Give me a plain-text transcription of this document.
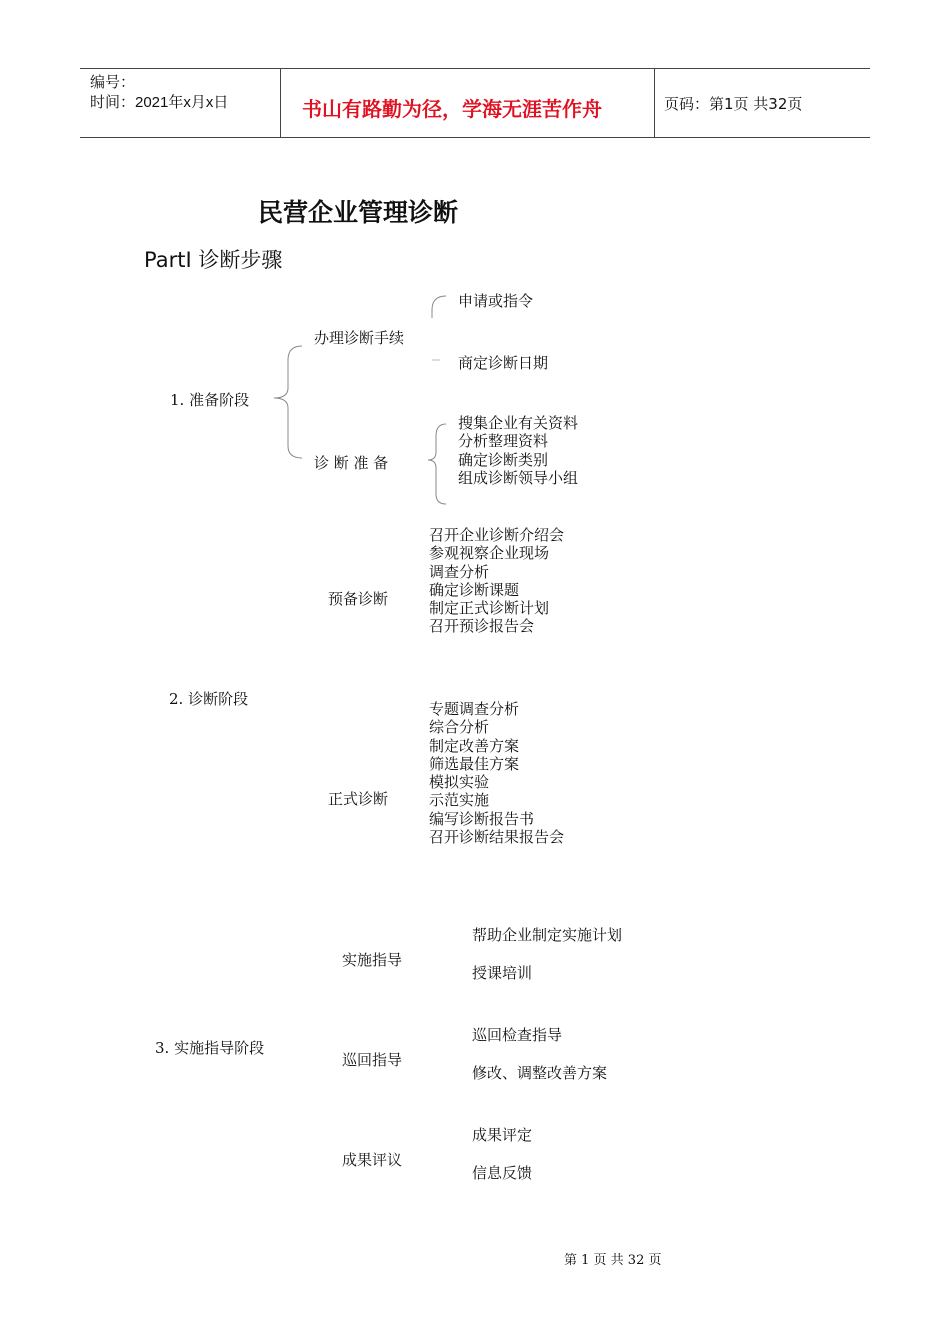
编号：
时间：2021年x月x日	书山有路勤为径，学海无涯苦作舟	页码：第1页 共32页
民营企业管理诊断
PartⅠ 诊断步骤
1. 准备阶段
办理诊断手续
申请或指令
商定诊断日期
诊 断 准 备
搜集企业有关资料
分析整理资料
确定诊断类别
组成诊断领导小组
2. 诊断阶段
预备诊断
召开企业诊断介绍会
参观视察企业现场
调查分析
确定诊断课题
制定正式诊断计划
召开预诊报告会
正式诊断
专题调查分析
综合分析
制定改善方案
筛选最佳方案
模拟实验
示范实施
编写诊断报告书
召开诊断结果报告会
3. 实施指导阶段
实施指导
帮助企业制定实施计划
授课培训
巡回指导
巡回检查指导
修改、调整改善方案
成果评议
成果评定
信息反馈
第 1 页 共 32 页
